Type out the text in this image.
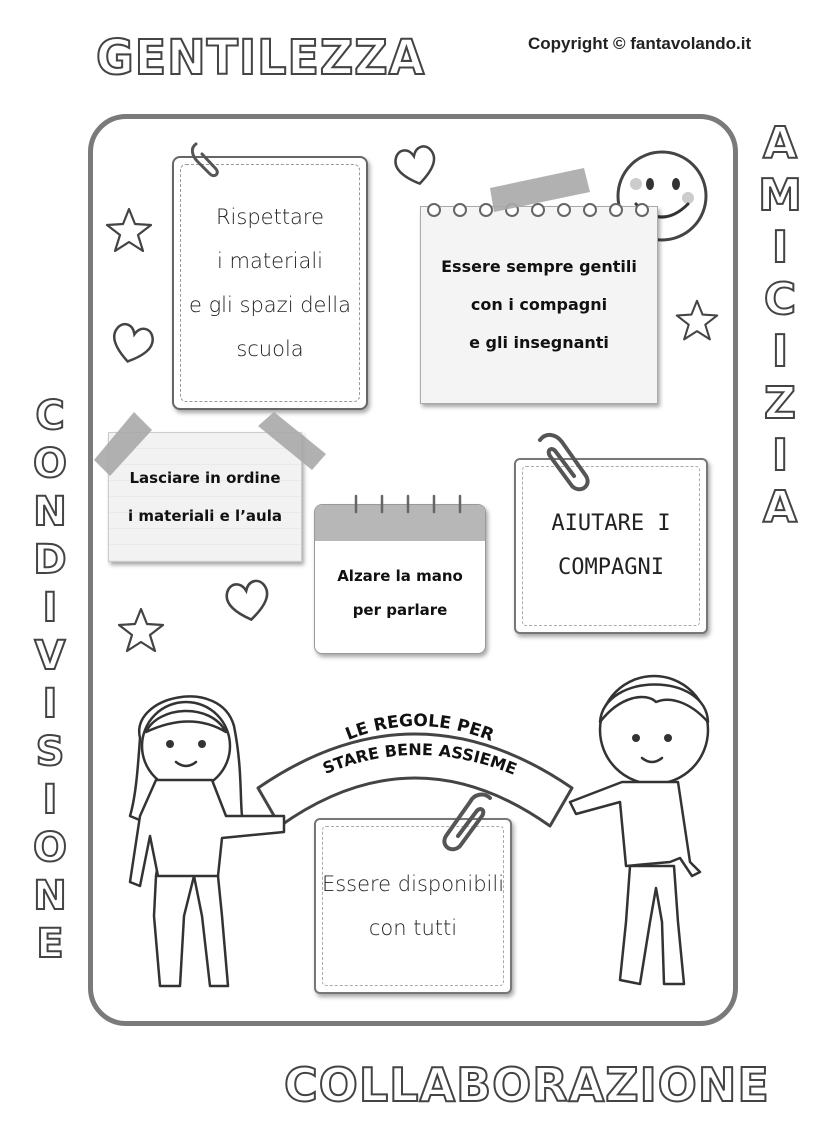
GENTILEZZA	Copyright © fantavolando.it
A
M
I
C
I
Z
I
A
C
O
N
D
I
V
I
S
I
O
N
E
COLLABORAZIONE
Rispettare
i materiali
e gli spazi della
scuola
Essere sempre gentili
con i compagni
e gli insegnanti
Lasciare in ordine
i materiali e l’aula
Alzare la mano
per parlare
AIUTARE I
COMPAGNI
LE REGOLE PER
STARE BENE ASSIEME
Essere disponibili
con tutti
